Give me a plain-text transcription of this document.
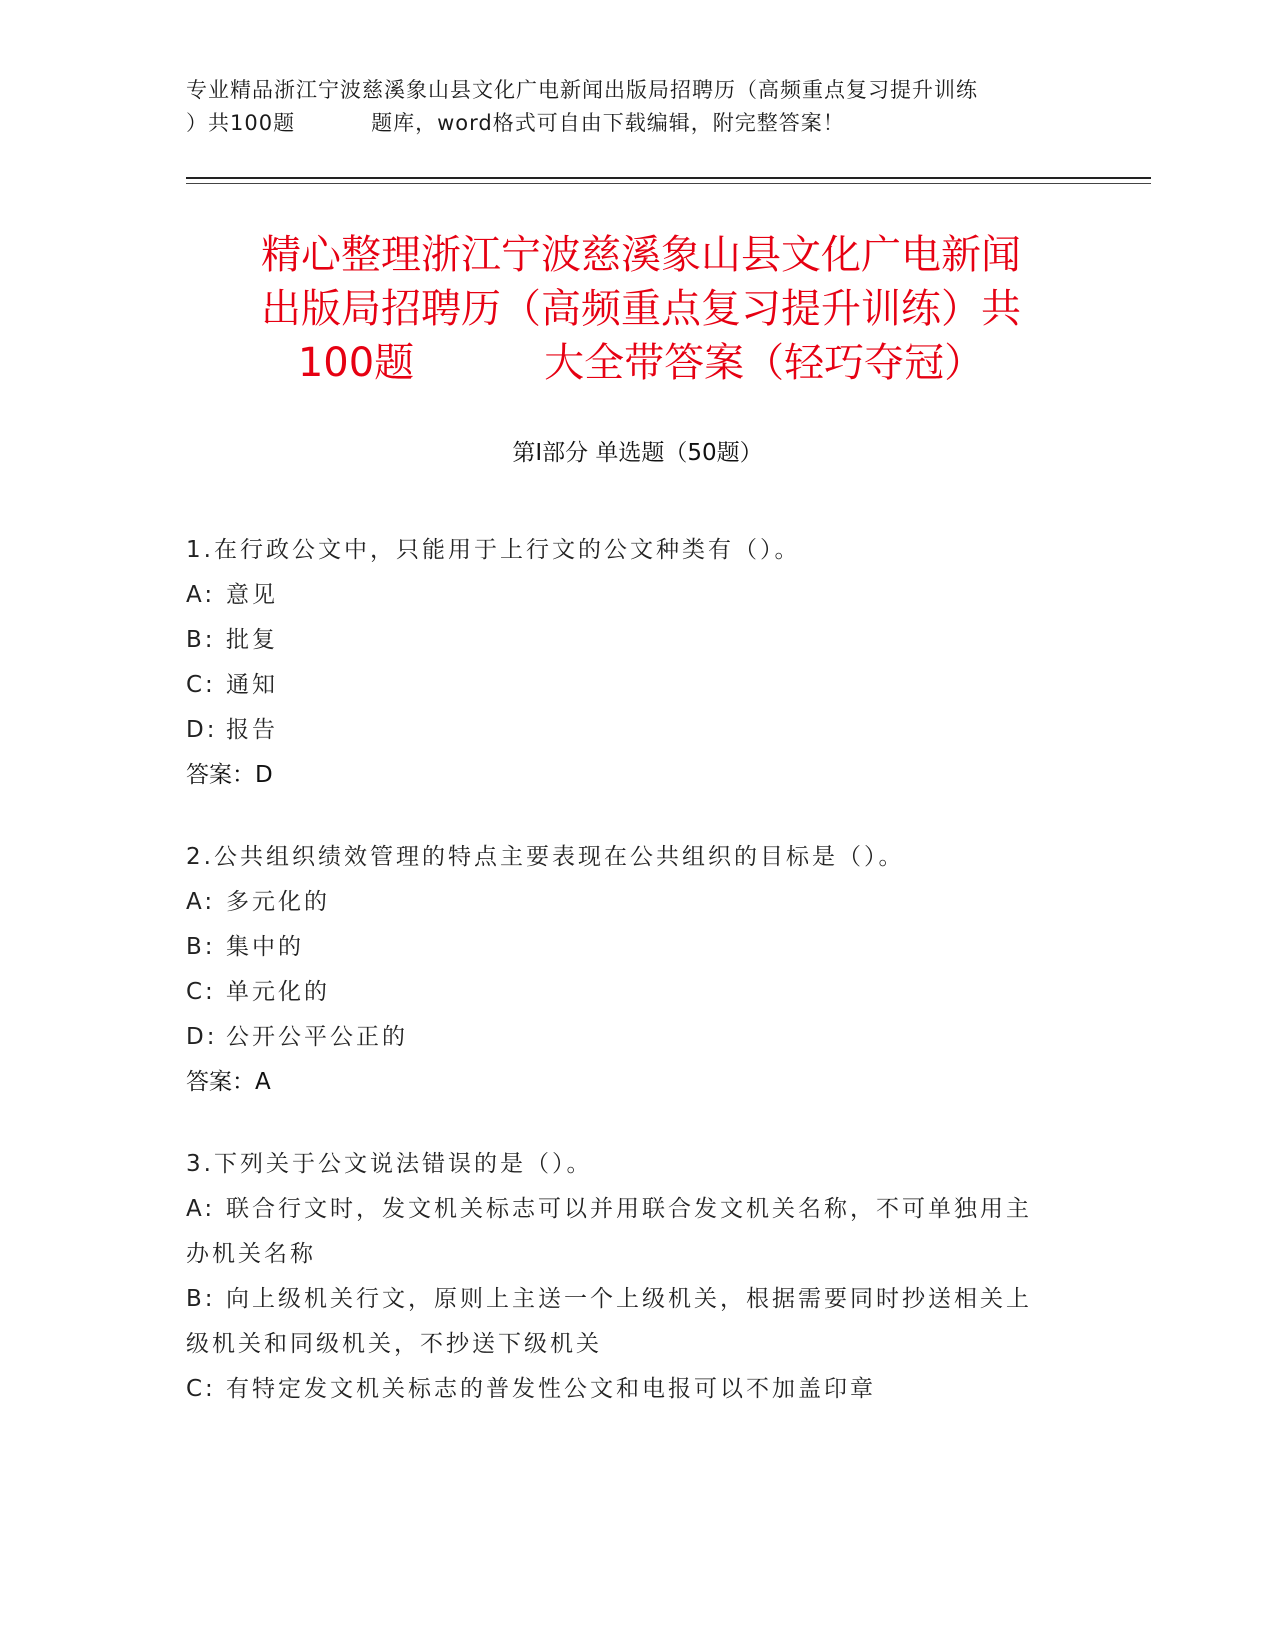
专业精品浙江宁波慈溪象山县文化广电新闻出版局招聘历（高频重点复习提升训练
）共100题	题库，word格式可自由下载编辑，附完整答案！
精心整理浙江宁波慈溪象山县文化广电新闻
出版局招聘历（高频重点复习提升训练）共
100题	大全带答案（轻巧夺冠）
第Ⅰ部分 单选题（50题）

1.在行政公文中，只能用于上行文的公文种类有（）。

A: 意见

B: 批复

C: 通知

D: 报告

答案：D

2.公共组织绩效管理的特点主要表现在公共组织的目标是（）。

A: 多元化的

B: 集中的

C: 单元化的

D: 公开公平公正的

答案：A

3.下列关于公文说法错误的是（）。

A: 联合行文时，发文机关标志可以并用联合发文机关名称，不可单独用主办机关名称

B: 向上级机关行文，原则上主送一个上级机关，根据需要同时抄送相关上级机关和同级机关，不抄送下级机关

C: 有特定发文机关标志的普发性公文和电报可以不加盖印章
